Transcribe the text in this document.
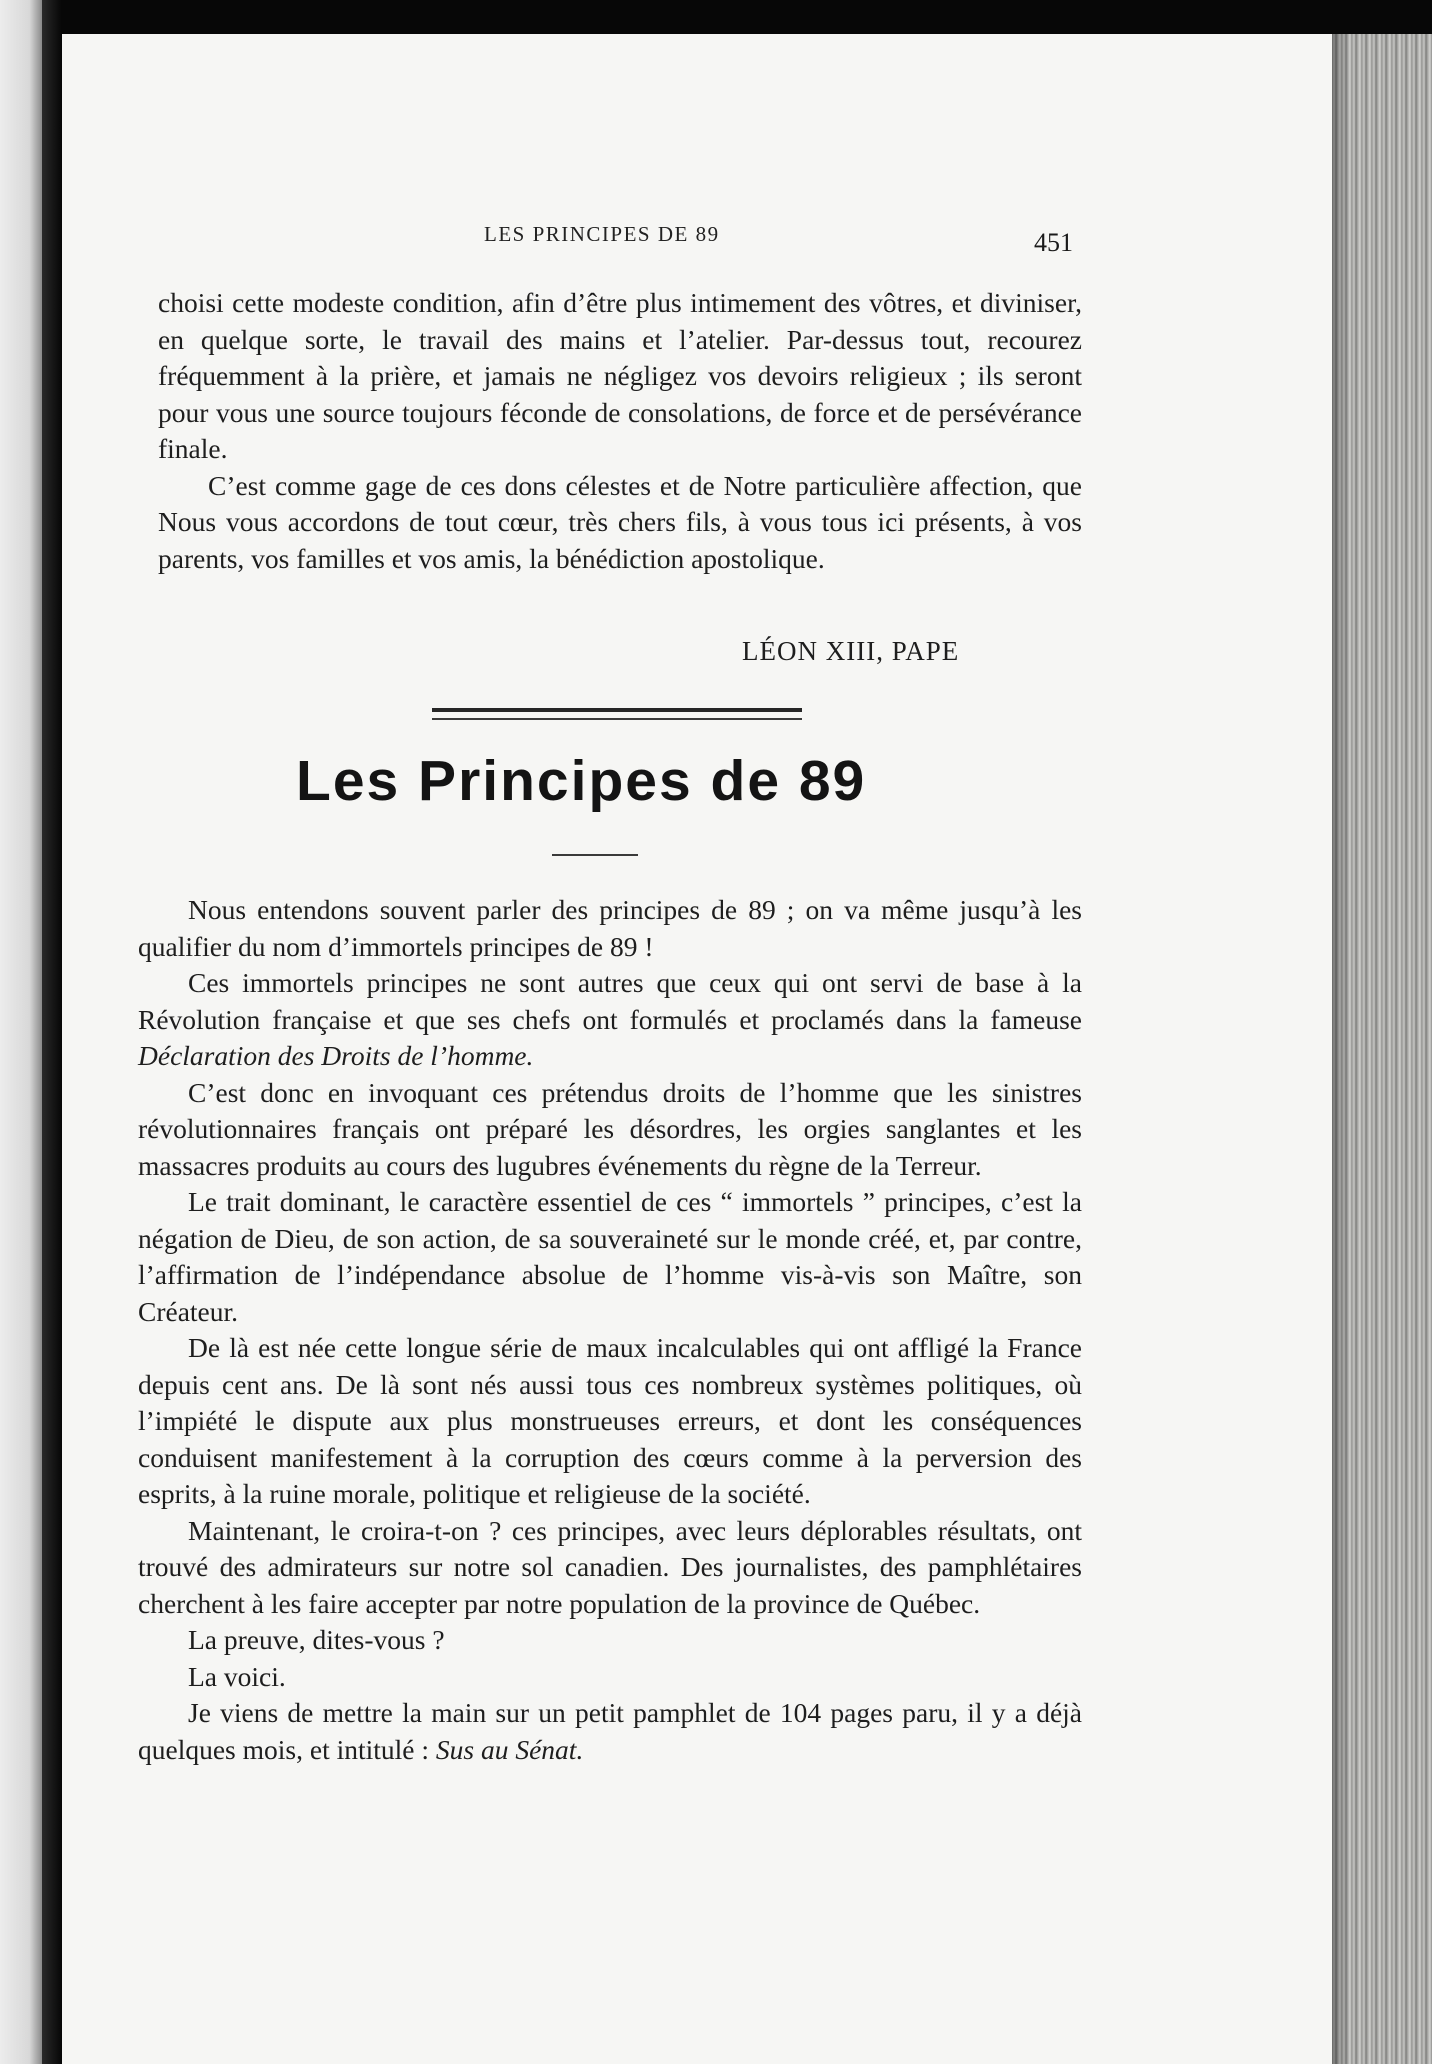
LES PRINCIPES DE 89	451

choisi cette modeste condition, afin d’être plus intimement des vôtres, et diviniser, en quelque sorte, le travail des mains et l’atelier. Par-dessus tout, recourez fréquemment à la prière, et jamais ne négligez vos devoirs religieux ; ils seront pour vous une source toujours féconde de consolations, de force et de persévérance finale.

C’est comme gage de ces dons célestes et de Notre particulière affection, que Nous vous accordons de tout cœur, très chers fils, à vous tous ici présents, à vos parents, vos familles et vos amis, la bénédiction apostolique.

LÉON XIII, PAPE
Les Principes de 89

Nous entendons souvent parler des principes de 89 ; on va même jusqu’à les qualifier du nom d’immortels principes de 89 !

Ces immortels principes ne sont autres que ceux qui ont servi de base à la Révolution française et que ses chefs ont formulés et proclamés dans la fameuse Déclaration des Droits de l’homme.

C’est donc en invoquant ces prétendus droits de l’homme que les sinistres révolutionnaires français ont préparé les désordres, les orgies sanglantes et les massacres produits au cours des lugubres événements du règne de la Terreur.

Le trait dominant, le caractère essentiel de ces “ immortels ” principes, c’est la négation de Dieu, de son action, de sa souveraineté sur le monde créé, et, par contre, l’affirmation de l’indépendance absolue de l’homme vis-à-vis son Maître, son Créateur.

De là est née cette longue série de maux incalculables qui ont affligé la France depuis cent ans. De là sont nés aussi tous ces nombreux systèmes politiques, où l’impiété le dispute aux plus monstrueuses erreurs, et dont les conséquences conduisent manifestement à la corruption des cœurs comme à la perversion des esprits, à la ruine morale, politique et religieuse de la société.

Maintenant, le croira-t-on ? ces principes, avec leurs déplorables résultats, ont trouvé des admirateurs sur notre sol canadien. Des journalistes, des pamphlétaires cherchent à les faire accepter par notre population de la province de Québec.

La preuve, dites-vous ?

La voici.

Je viens de mettre la main sur un petit pamphlet de 104 pages paru, il y a déjà quelques mois, et intitulé : Sus au Sénat.
